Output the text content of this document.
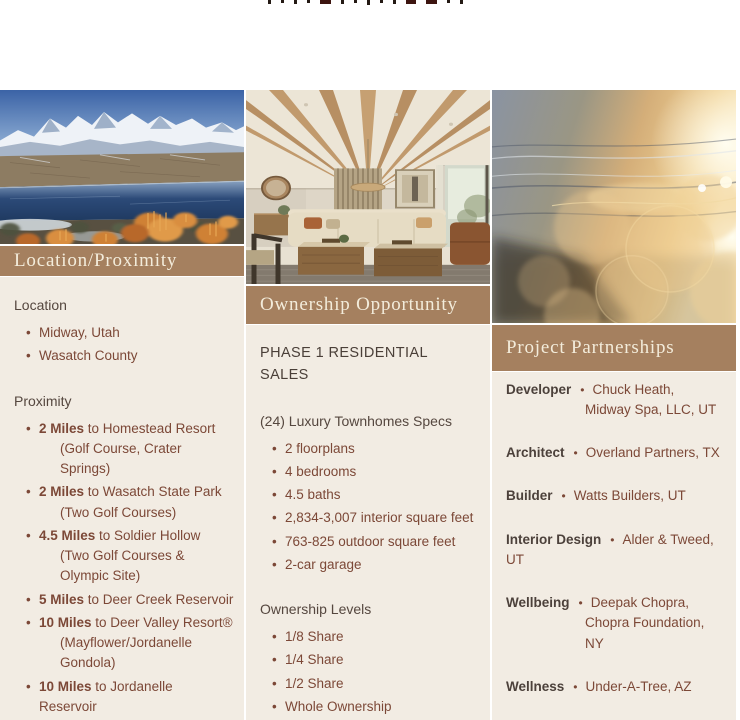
Location/Proximity
Location
• Midway, Utah
• Wasatch County
Proximity
• 2 Miles to Homestead Resort
(Golf Course, Crater Springs)
• 2 Miles to Wasatch State Park
(Two Golf Courses)
• 4.5 Miles to Soldier Hollow
(Two Golf Courses & Olympic Site)
• 5 Miles to Deer Creek Reservoir
• 10 Miles to Deer Valley Resort®
(Mayflower/Jordanelle Gondola)
• 10 Miles to Jordanelle Reservoir
Ownership Opportunity
PHASE 1 RESIDENTIAL SALES
(24) Luxury Townhomes Specs
• 2 floorplans
• 4 bedrooms
• 4.5 baths
• 2,834-3,007 interior square feet
• 763-825 outdoor square feet
• 2-car garage
Ownership Levels
• 1/8 Share
• 1/4 Share
• 1/2 Share
• Whole Ownership
Project Partnerships
Developer • Chuck Heath,
Midway Spa, LLC, UT
Architect • Overland Partners, TX
Builder • Watts Builders, UT
Interior Design • Alder & Tweed, UT
Wellbeing • Deepak Chopra,
Chopra Foundation, NY
Wellness • Under-A-Tree, AZ
